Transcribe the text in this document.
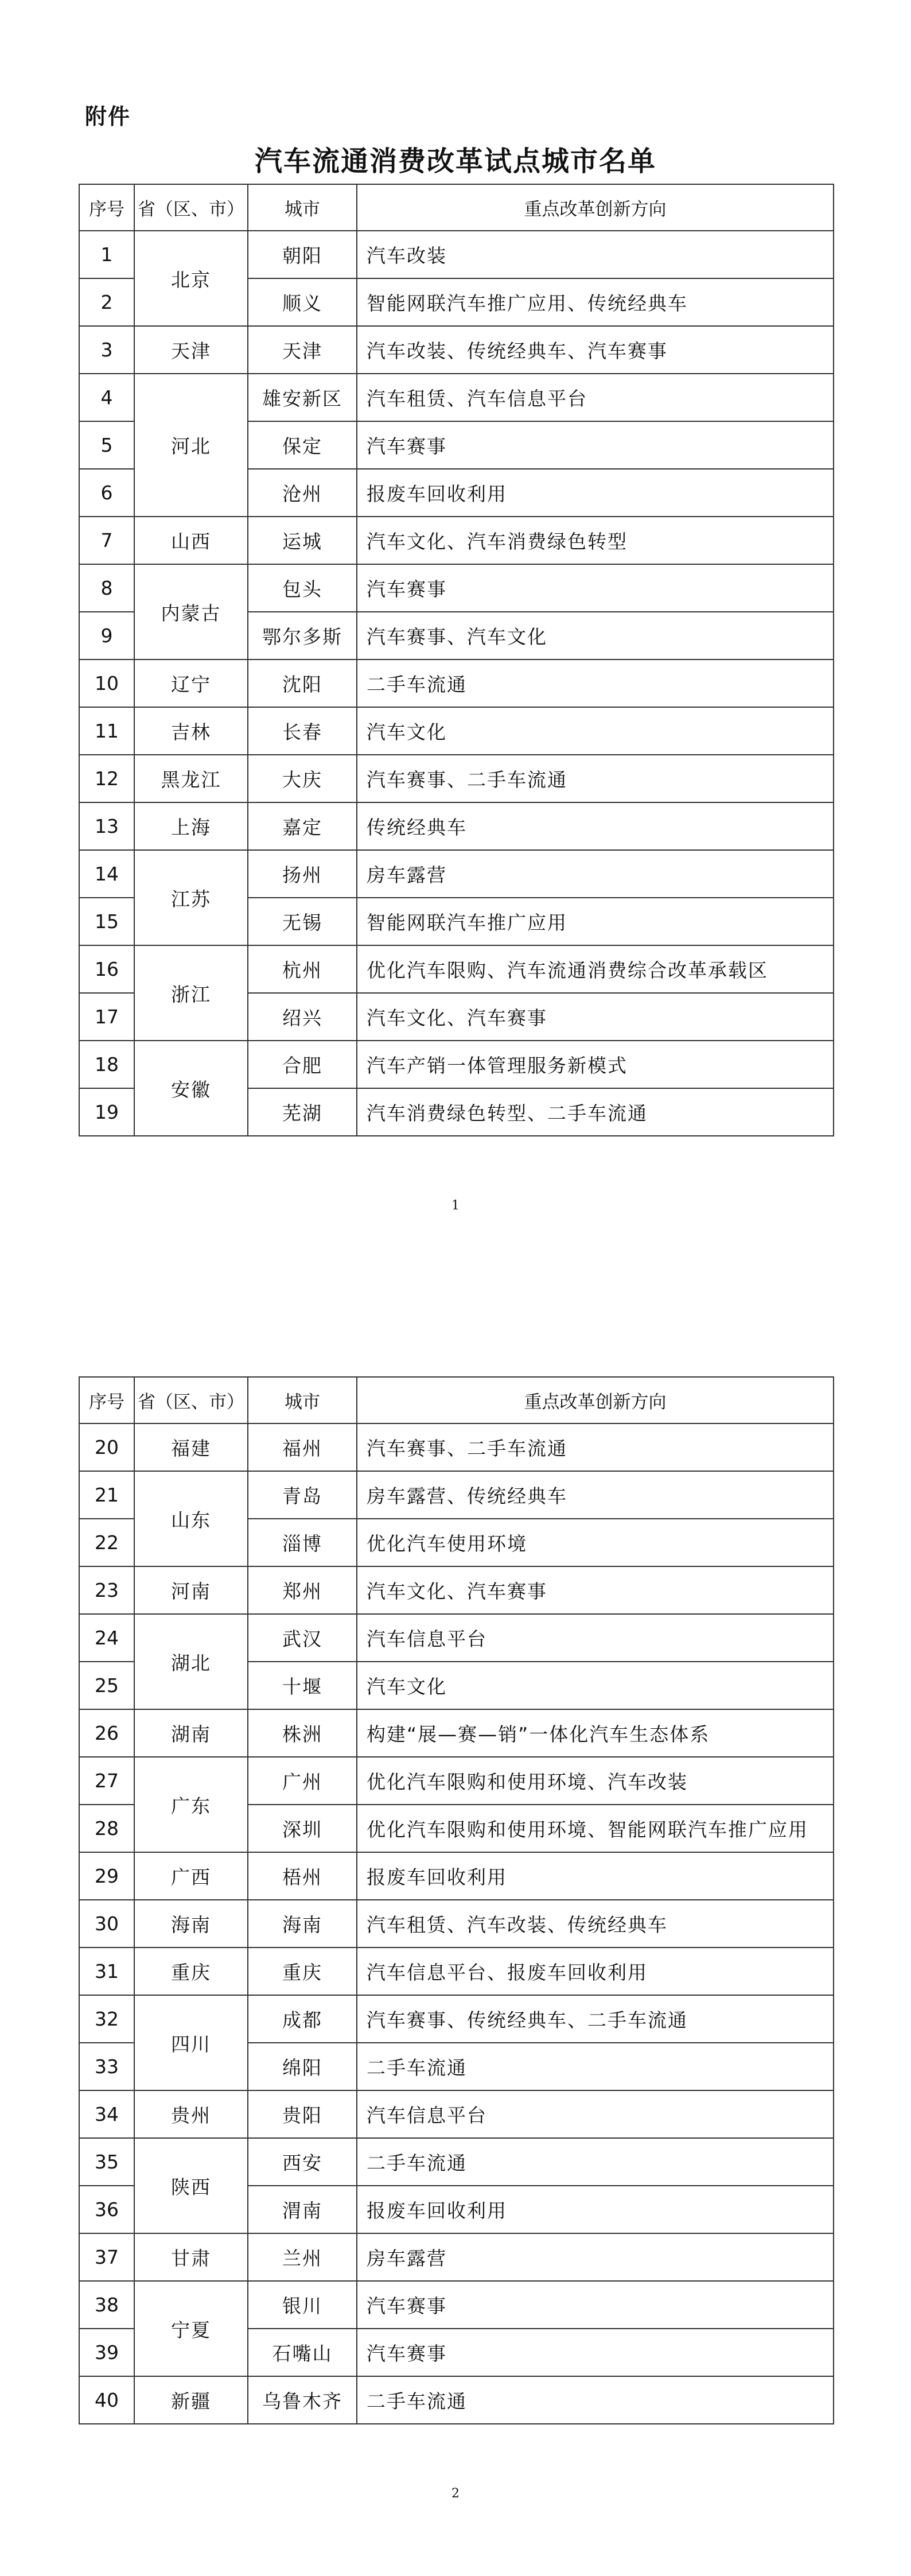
附件
汽车流通消费改革试点城市名单
序号	省（区、市）	城市	重点改革创新方向
1	北京	朝阳	汽车改装
2		顺义	智能网联汽车推广应用、传统经典车
3	天津	天津	汽车改装、传统经典车、汽车赛事
4	河北	雄安新区	汽车租赁、汽车信息平台
5		保定	汽车赛事
6		沧州	报废车回收利用
7	山西	运城	汽车文化、汽车消费绿色转型
8	内蒙古	包头	汽车赛事
9		鄂尔多斯	汽车赛事、汽车文化
10	辽宁	沈阳	二手车流通
11	吉林	长春	汽车文化
12	黑龙江	大庆	汽车赛事、二手车流通
13	上海	嘉定	传统经典车
14	江苏	扬州	房车露营
15		无锡	智能网联汽车推广应用
16	浙江	杭州	优化汽车限购、汽车流通消费综合改革承载区
17		绍兴	汽车文化、汽车赛事
18	安徽	合肥	汽车产销一体管理服务新模式
19		芜湖	汽车消费绿色转型、二手车流通
1
序号	省（区、市）	城市	重点改革创新方向
20	福建	福州	汽车赛事、二手车流通
21	山东	青岛	房车露营、传统经典车
22		淄博	优化汽车使用环境
23	河南	郑州	汽车文化、汽车赛事
24	湖北	武汉	汽车信息平台
25		十堰	汽车文化
26	湖南	株洲	构建“展—赛—销”一体化汽车生态体系
27	广东	广州	优化汽车限购和使用环境、汽车改装
28		深圳	优化汽车限购和使用环境、智能网联汽车推广应用
29	广西	梧州	报废车回收利用
30	海南	海南	汽车租赁、汽车改装、传统经典车
31	重庆	重庆	汽车信息平台、报废车回收利用
32	四川	成都	汽车赛事、传统经典车、二手车流通
33		绵阳	二手车流通
34	贵州	贵阳	汽车信息平台
35	陕西	西安	二手车流通
36		渭南	报废车回收利用
37	甘肃	兰州	房车露营
38	宁夏	银川	汽车赛事
39		石嘴山	汽车赛事
40	新疆	乌鲁木齐	二手车流通
2
